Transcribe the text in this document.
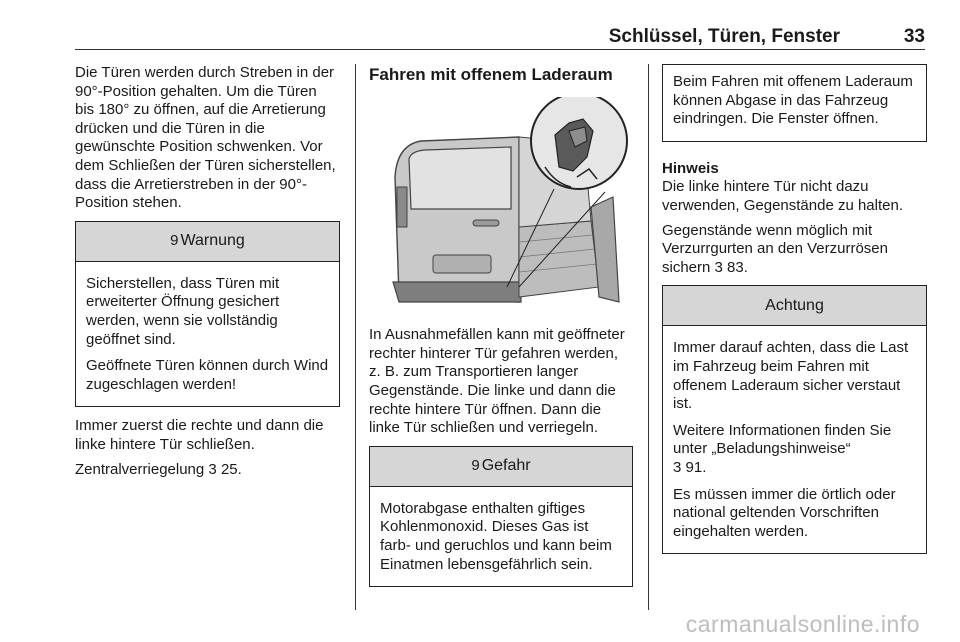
Schlüssel, Türen, Fenster	33

Die Türen werden durch Streben in der 90°-Position gehalten. Um die Türen bis 180° zu öffnen, auf die Arretierung drücken und die Türen in die gewünschte Position schwenken. Vor dem Schließen der Türen sicherstellen, dass die Arretierstreben in der 90°-Position stehen.

9 Warnung

Sicherstellen, dass Türen mit erweiterter Öffnung gesichert werden, wenn sie vollständig geöffnet sind.

Geöffnete Türen können durch Wind zugeschlagen werden!

Immer zuerst die rechte und dann die linke hintere Tür schließen.

Zentralverriegelung 3 25.

Fahren mit offenem Laderaum

In Ausnahmefällen kann mit geöffneter rechter hinterer Tür gefahren werden, z. B. zum Transportieren langer Gegenstände. Die linke und dann die rechte hintere Tür öffnen. Dann die linke Tür schließen und verriegeln.

9 Gefahr

Motorabgase enthalten giftiges Kohlenmonoxid. Dieses Gas ist farb- und geruchlos und kann beim Einatmen lebensgefährlich sein.

Beim Fahren mit offenem Laderaum können Abgase in das Fahrzeug eindringen. Die Fenster öffnen.

Hinweis

Die linke hintere Tür nicht dazu verwenden, Gegenstände zu halten.

Gegenstände wenn möglich mit Verzurrgurten an den Verzurrösen sichern 3 83.

Achtung

Immer darauf achten, dass die Last im Fahrzeug beim Fahren mit offenem Laderaum sicher verstaut ist.

Weitere Informationen finden Sie unter „Beladungshinweise“
3 91.

Es müssen immer die örtlich oder national geltenden Vorschriften eingehalten werden.

carmanualsonline.info
